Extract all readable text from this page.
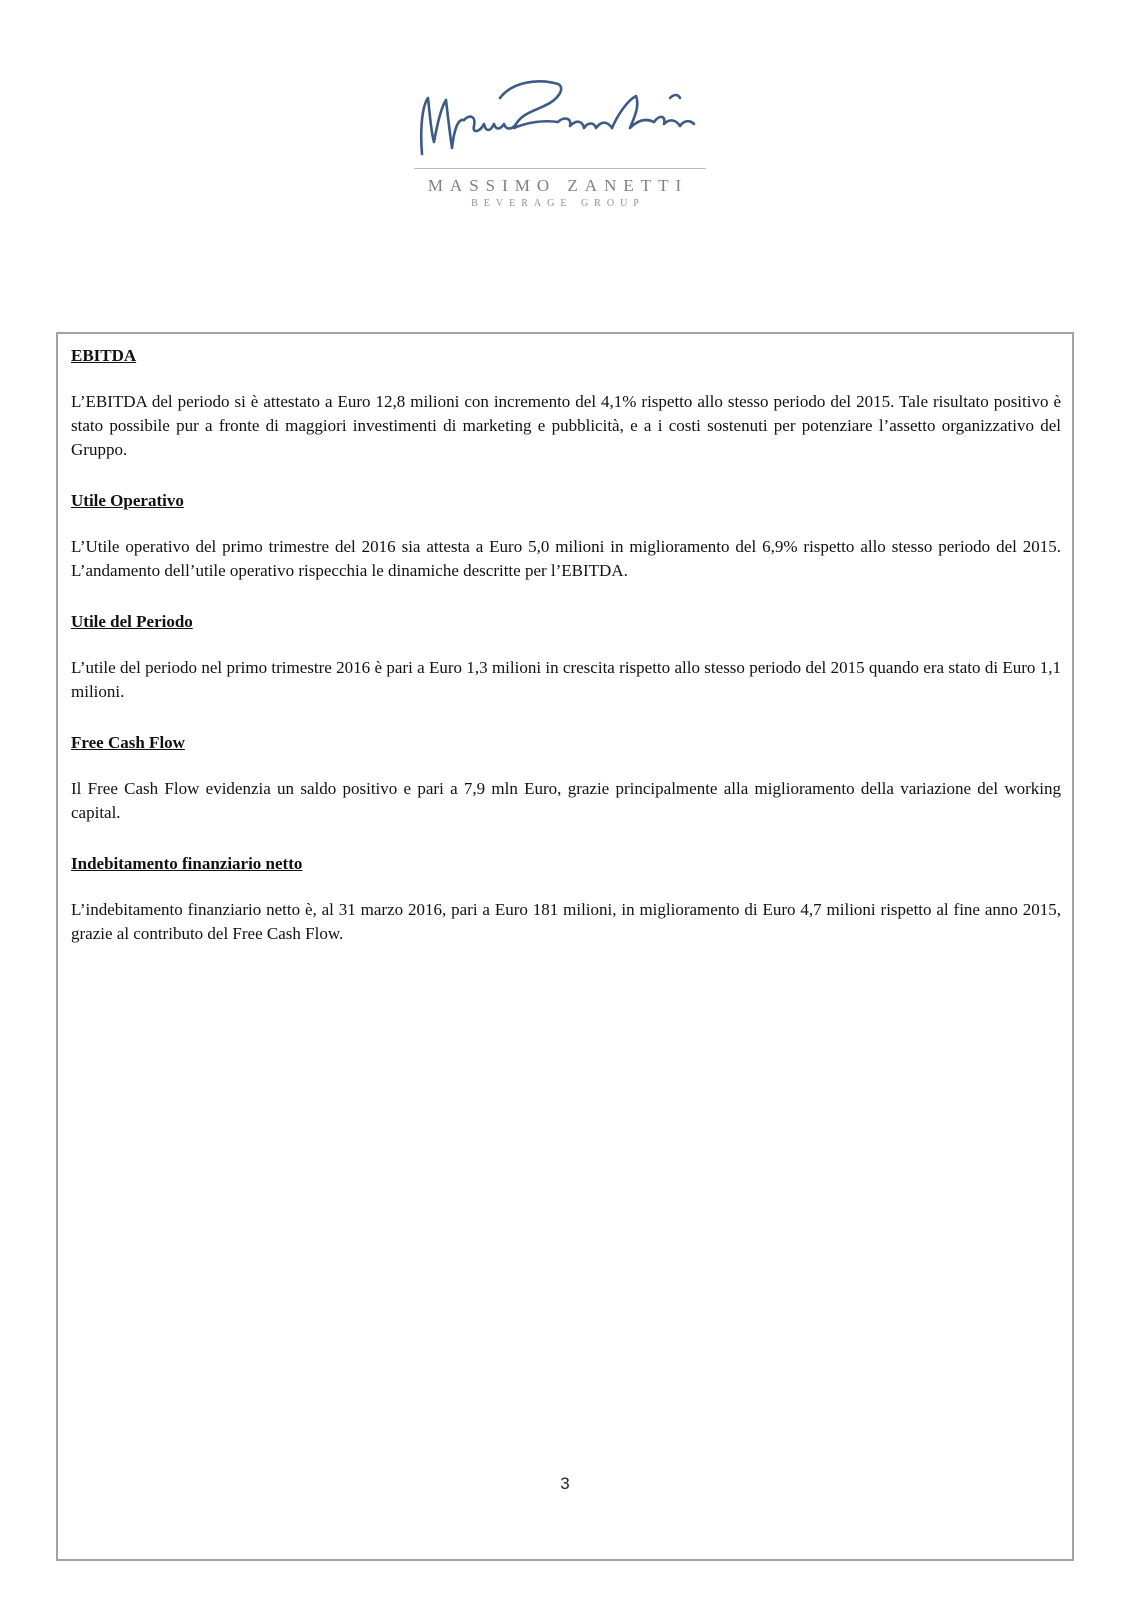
MASSIMO ZANETTI
BEVERAGE GROUP
EBITDA

L’EBITDA del periodo si è attestato a Euro 12,8 milioni con incremento del 4,1% rispetto allo stesso periodo del 2015. Tale risultato positivo è stato possibile pur a fronte di maggiori investimenti di marketing e pubblicità, e a i costi sostenuti per potenziare l’assetto organizzativo del Gruppo.

Utile Operativo

L’Utile operativo del primo trimestre del 2016 sia attesta a Euro 5,0 milioni in miglioramento del 6,9% rispetto allo stesso periodo del 2015. L’andamento dell’utile operativo rispecchia le dinamiche descritte per l’EBITDA.

Utile del Periodo

L’utile del periodo nel primo trimestre 2016 è pari a Euro 1,3 milioni in crescita rispetto allo stesso periodo del 2015 quando era stato di Euro 1,1 milioni.

Free Cash Flow

Il Free Cash Flow evidenzia un saldo positivo e pari a 7,9 mln Euro, grazie principalmente alla miglioramento della variazione del working capital.

Indebitamento finanziario netto

L’indebitamento finanziario netto è, al 31 marzo 2016, pari a Euro 181 milioni, in miglioramento di Euro 4,7 milioni rispetto al fine anno 2015, grazie al contributo del Free Cash Flow.

3
